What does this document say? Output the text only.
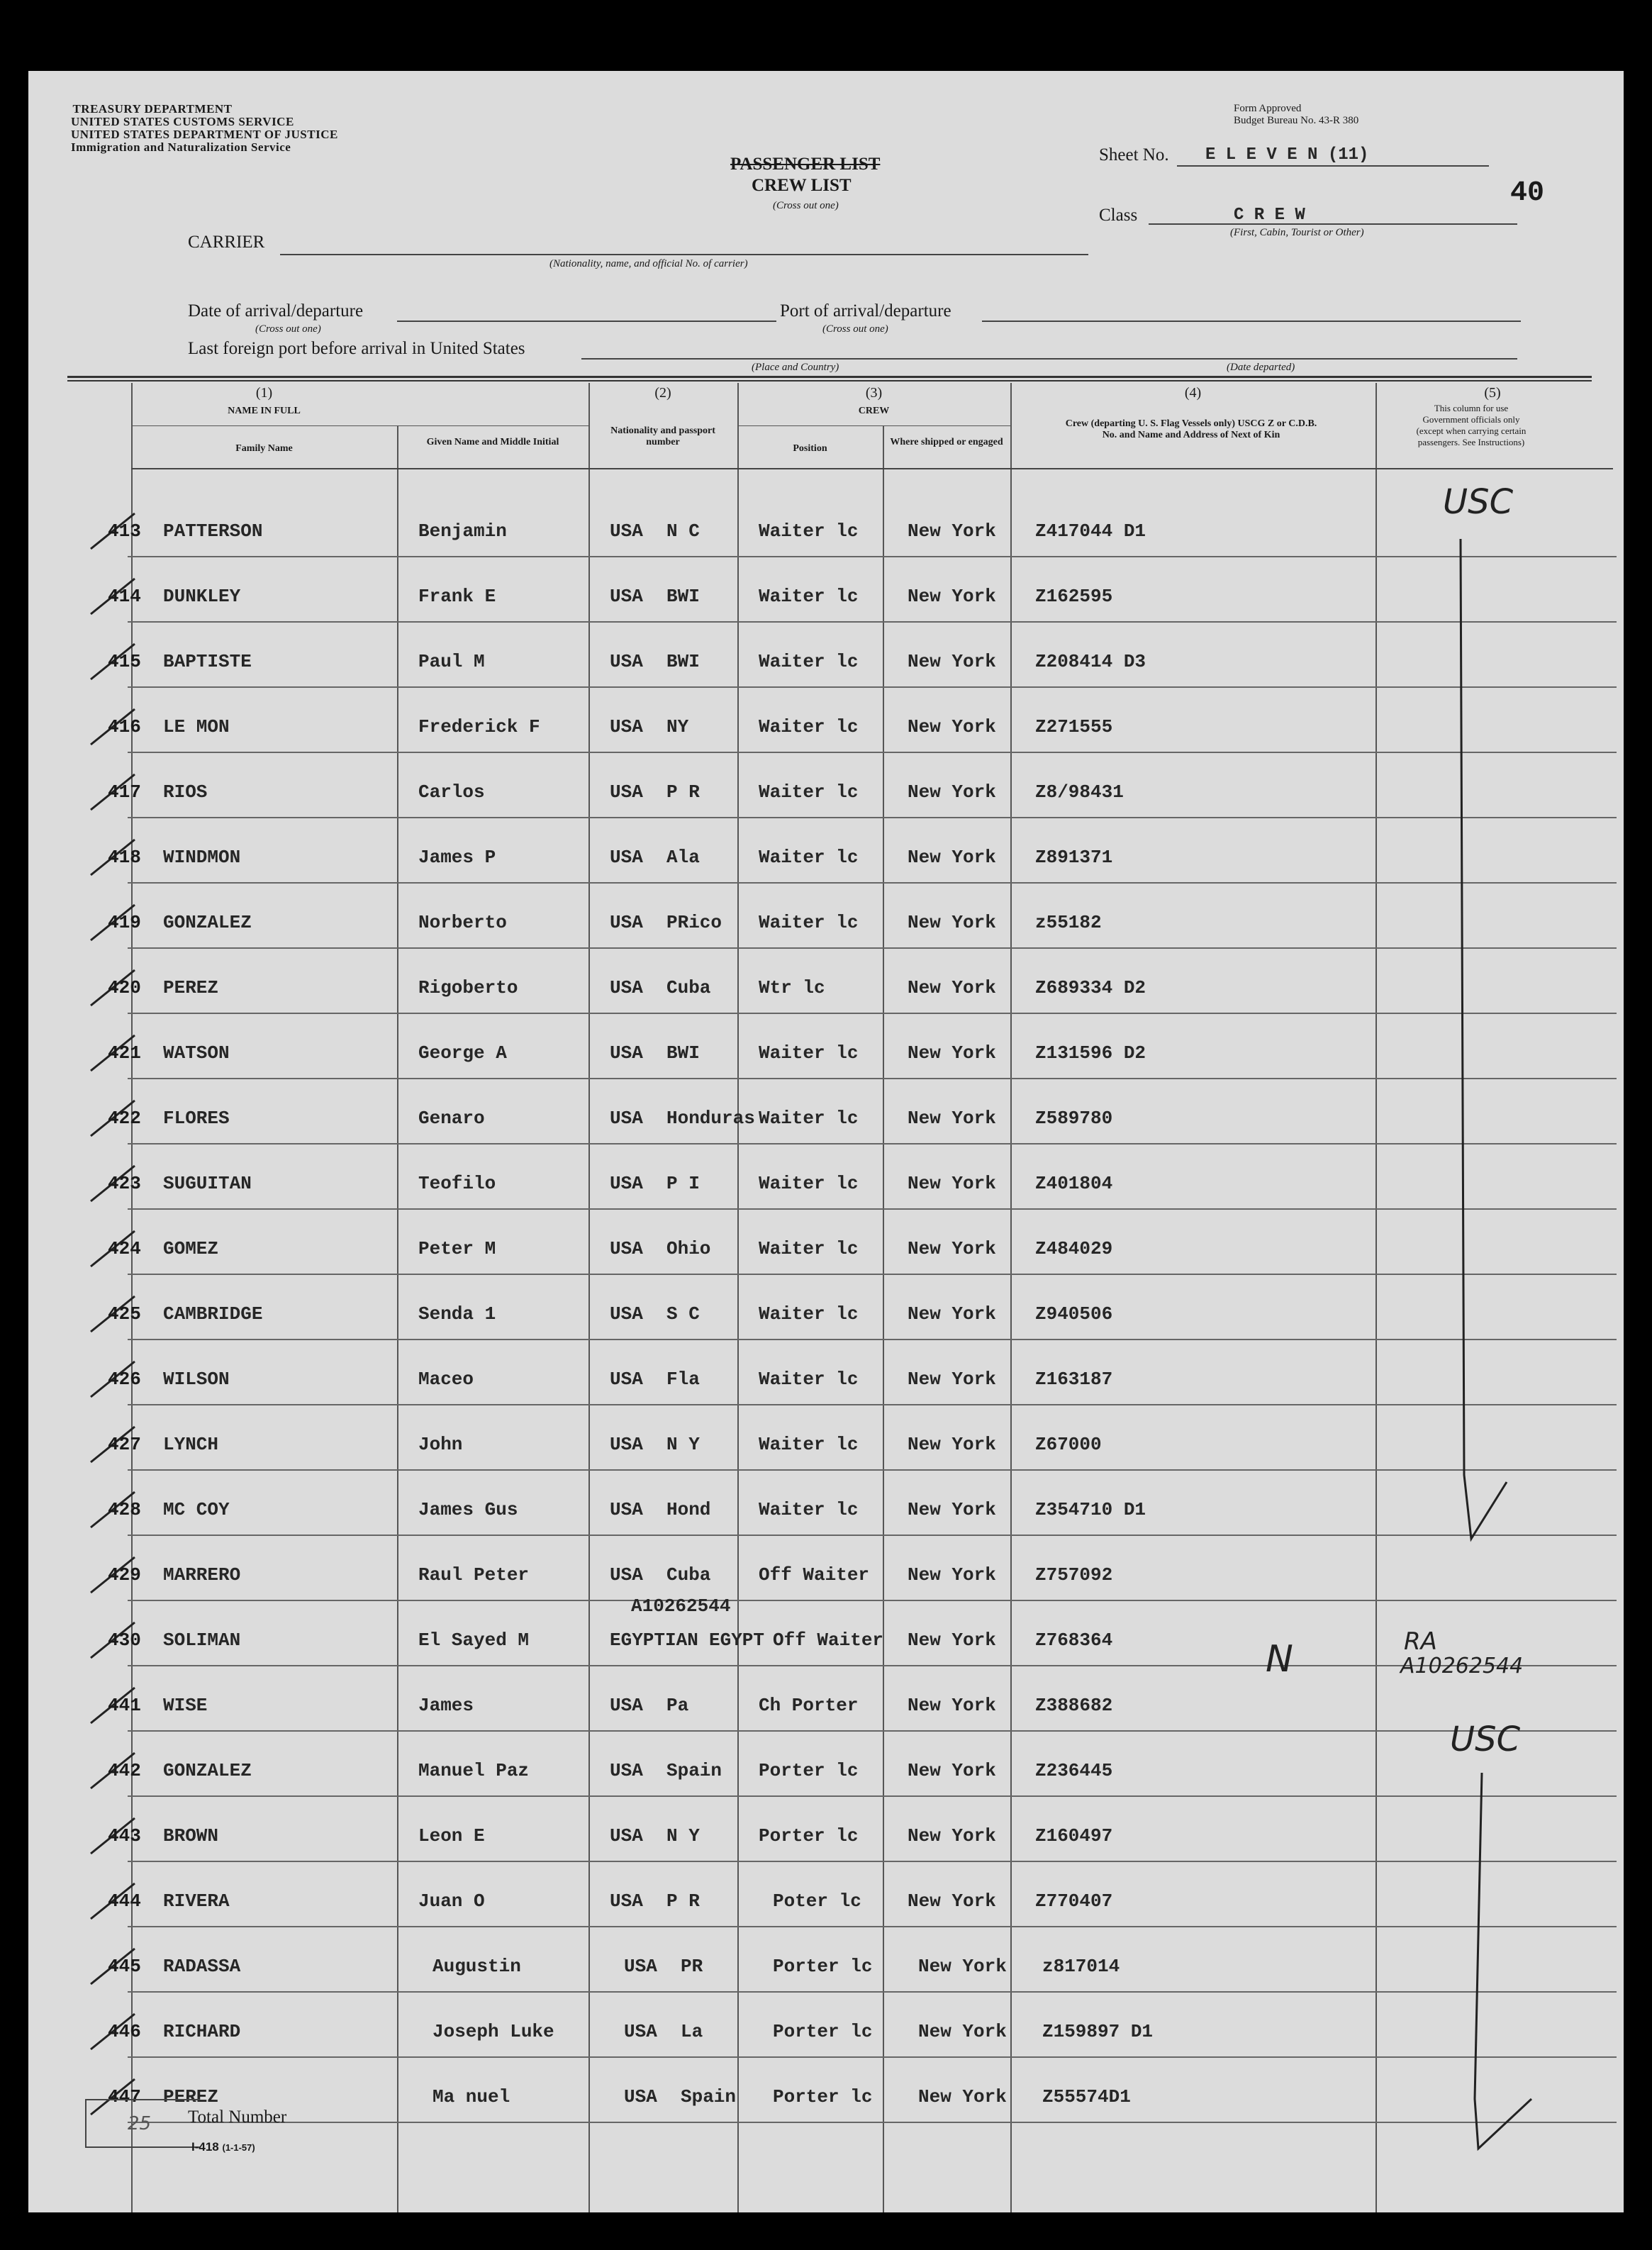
TREASURY DEPARTMENT
UNITED STATES CUSTOMS SERVICE
UNITED STATES DEPARTMENT OF JUSTICE
Immigration and Naturalization Service
Form Approved
Budget Bureau No. 43-R 380
PASSENGER LIST
CREW LIST
(Cross out one)
Sheet No. E L E V E N (11)
40
Class	C R E W
(First, Cabin, Tourist or Other)
CARRIER
(Nationality, name, and official No. of carrier)
Date of arrival/departure
(Cross out one)
Port of arrival/departure
(Cross out one)
Last foreign port before arrival in United States
(Place and Country)	(Date departed)
(1)
NAME IN FULL
Family Name
Given Name and Middle Initial
(2)
Nationality and passport number
(3)
CREW
Position
Where shipped or engaged
(4)
Crew (departing U. S. Flag Vessels only) USCG Z or C.D.B. No. and Name and Address of Next of Kin
(5)
This column for use Government officials only (except when carrying certain passengers. See Instructions)
413 PATTERSON	Benjamin	USA N C	Waiter lc	New York Z417044 D1
414 DUNKLEY	Frank E	USA BWI	Waiter lc	New York Z162595
415 BAPTISTE	Paul M	USA BWI	Waiter lc	New York Z208414 D3
416 LE MON	Frederick F	USA NY	Waiter lc	New York Z271555
417 RIOS	Carlos	USA P R	Waiter lc	New York Z8/98431
418 WINDMON	James P	USA Ala	Waiter lc	New York Z891371
419 GONZALEZ	Norberto	USA PRico Waiter lc	New York z55182
420 PEREZ	Rigoberto	USA Cuba	Wtr lc	New York Z689334 D2
421 WATSON	George A	USA BWI	Waiter lc	New York Z131596 D2
422 FLORES	Genaro	USA Honduras Waiter lc	New York Z589780
423 SUGUITAN	Teofilo	USA P I	Waiter lc	New York Z401804
424 GOMEZ	Peter M	USA Ohio	Waiter lc	New York Z484029
425 CAMBRIDGE	Senda 1	USA S C	Waiter lc	New York Z940506
426 WILSON	Maceo	USA Fla	Waiter lc	New York Z163187
427 LYNCH	John	USA N Y	Waiter lc	New York Z67000
428 MC COY	James Gus	USA Hond	Waiter lc	New York Z354710 D1
429 MARRERO	Raul Peter	USA Cuba	Off Waiter New York Z757092
430 SOLIMAN	El Sayed M	EGYPTIAN EGYPT Off Waiter New York Z768364
441 WISE	James	USA Pa	Ch Porter	New York Z388682
442 GONZALEZ	Manuel Paz	USA Spain Porter lc	New York Z236445
443 BROWN	Leon E	USA N Y	Porter lc	New York Z160497
444 RIVERA	Juan O	USA P R	Poter lc	New York Z770407
445 RADASSA	Augustin	USA PR	Porter lc New York z817014
446 RICHARD	Joseph Luke	USA La	Porter lc New York Z159897 D1
447 PEREZ	Ma nuel	USA Spain Porter lc New York Z55574D1
A10262544
USC
USC
N	RA
A10262544
25 Total Number
I-418 (1-1-57)
